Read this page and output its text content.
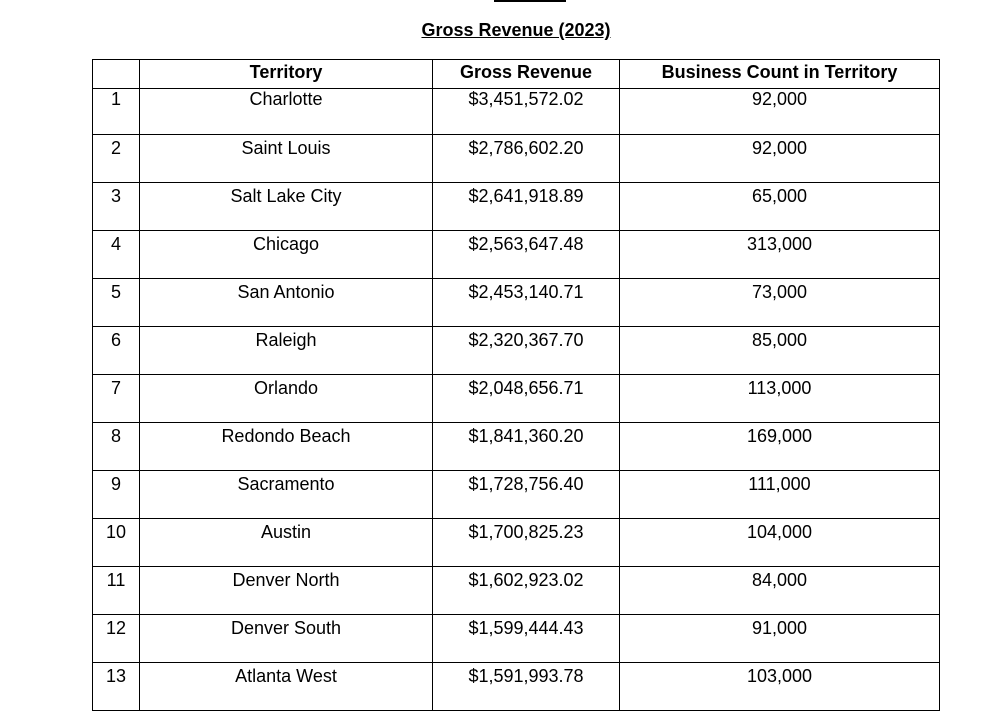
Gross Revenue (2023)
	Territory	Gross Revenue	Business Count in Territory
1	Charlotte	$3,451,572.02	92,000
2	Saint Louis	$2,786,602.20	92,000
3	Salt Lake City	$2,641,918.89	65,000
4	Chicago	$2,563,647.48	313,000
5	San Antonio	$2,453,140.71	73,000
6	Raleigh	$2,320,367.70	85,000
7	Orlando	$2,048,656.71	113,000
8	Redondo Beach	$1,841,360.20	169,000
9	Sacramento	$1,728,756.40	111,000
10	Austin	$1,700,825.23	104,000
11	Denver North	$1,602,923.02	84,000
12	Denver South	$1,599,444.43	91,000
13	Atlanta West	$1,591,993.78	103,000
